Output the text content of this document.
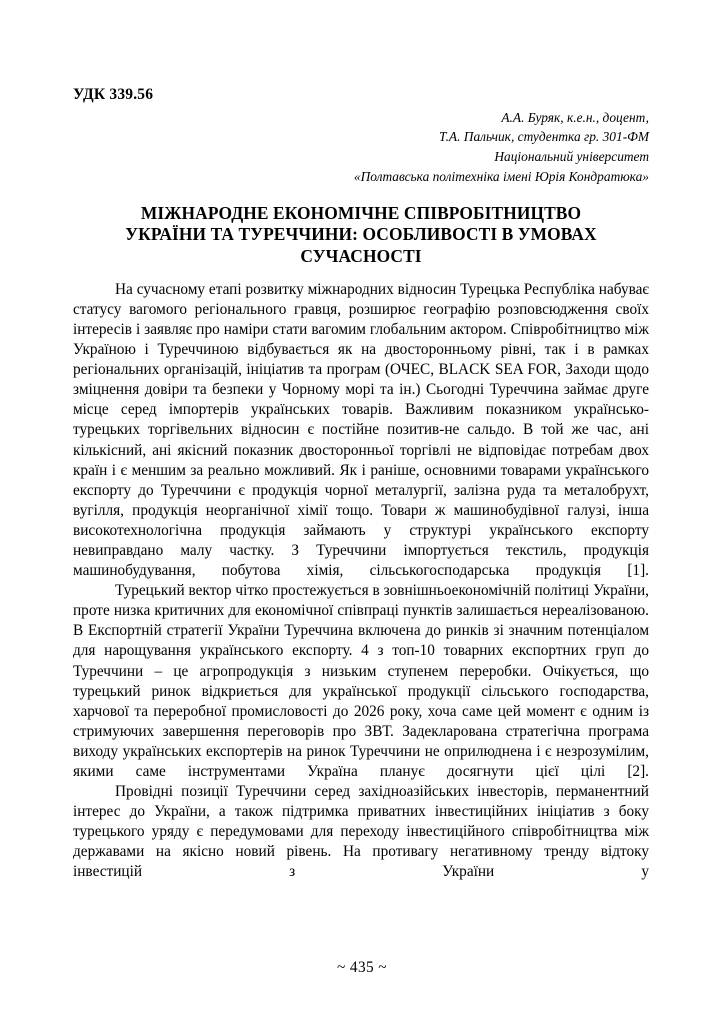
УДК 339.56
А.А. Буряк, к.е.н., доцент,
Т.А. Пальчик, студентка гр. 301-ФМ
Національний університет
«Полтавська політехніка імені Юрія Кондратюка»
МІЖНАРОДНЕ ЕКОНОМІЧНЕ СПІВРОБІТНИЦТВО
УКРАЇНИ ТА ТУРЕЧЧИНИ: ОСОБЛИВОСТІ В УМОВАХ
СУЧАСНОСТІ

На сучасному етапі розвитку міжнародних відносин Турецька Республіка набуває статусу вагомого регіонального гравця, розширює географію розповсюдження своїх інтересів і заявляє про наміри стати вагомим глобальним актором. Співробітництво між Україною і Туреччиною відбувається як на двосторонньому рівні, так і в рамках регіональних організацій, ініціатив та програм (ОЧЕС, BLACK SEA FOR, Заходи щодо зміцнення довіри та безпеки у Чорному морі та ін.) Сьогодні Туреччина займає друге місце серед імпортерів українських товарів. Важливим показником українсько-турецьких торгівельних відносин є постійне позитив-не сальдо. В той же час, ані кількісний, ані якісний показник двосторонньої торгівлі не відповідає потребам двох країн і є меншим за реально можливий. Як і раніше, основними товарами українського експорту до Туреччини є продукція чорної металургії, залізна руда та металобрухт, вугілля, продукція неорганічної хімії тощо. Товари ж машинобудівної галузі, інша високотехнологічна продукція займають у структурі українського експорту невиправдано малу частку. З Туреччини імпортується текстиль, продукція машинобудування, побутова хімія, сільськогосподарська продукція [1].

Турецький вектор чітко простежується в зовнішньоекономічній політиці України, проте низка критичних для економічної співпраці пунктів залишається нереалізованою. В Експортній стратегії України Туреччина включена до ринків зі значним потенціалом для нарощування українського експорту. 4 з топ-10 товарних експортних груп до Туреччини – це агропродукція з низьким ступенем переробки. Очікується, що турецький ринок відкриється для української продукції сільського господарства, харчової та переробної промисловості до 2026 року, хоча саме цей момент є одним із стримуючих завершення переговорів про ЗВТ. Задекларована стратегічна програма виходу українських експортерів на ринок Туреччини не оприлюднена і є незрозумілим, якими саме інструментами Україна планує досягнути цієї цілі [2].

Провідні позиції Туреччини серед західноазійських інвесторів, перманентний інтерес до України, а також підтримка приватних інвестиційних ініціатив з боку турецького уряду є передумовами для переходу інвестиційного співробітництва між державами на якісно новий рівень. На противагу негативному тренду відтоку інвестицій з України у

~ 435 ~
